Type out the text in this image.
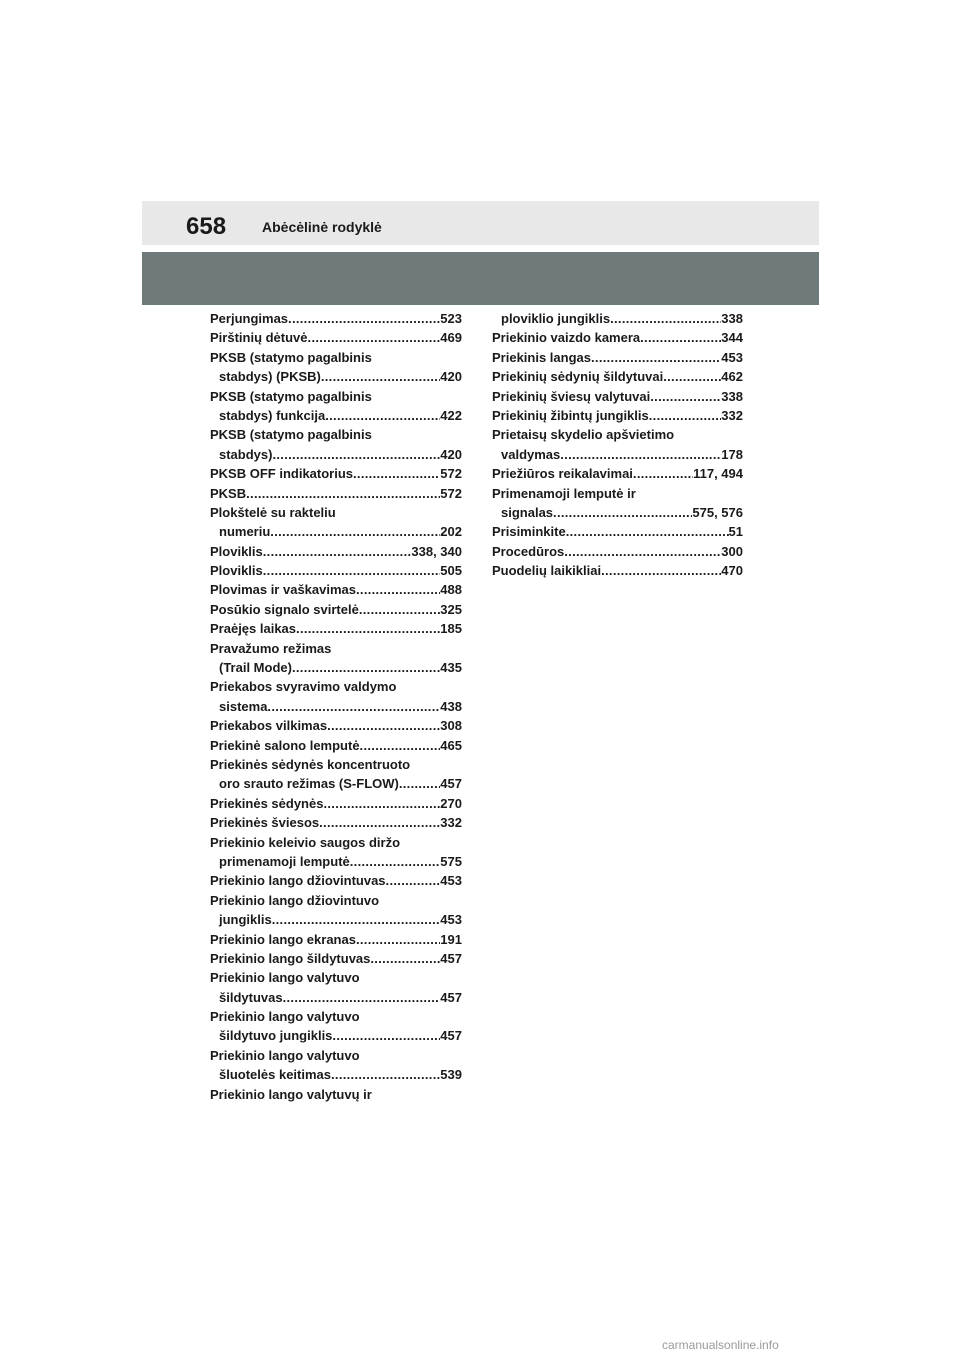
658	Abėcėlinė rodyklė
Perjungimas .....	523
Pirštinių dėtuvė .....	469
PKSB (statymo pagalbinis
stabdys) (PKSB) .....	420
PKSB (statymo pagalbinis
stabdys) funkcija .....	422
PKSB (statymo pagalbinis
stabdys) .....	420
PKSB OFF indikatorius .....	572
PKSB .....	572
Plokštelė su rakteliu
numeriu .....	202
Ploviklis .....	338, 340
Ploviklis .....	505
Plovimas ir vaškavimas .....	488
Posūkio signalo svirtelė .....	325
Praėjęs laikas .....	185
Pravažumo režimas
(Trail Mode) .....	435
Priekabos svyravimo valdymo
sistema .....	438
Priekabos vilkimas .....	308
Priekinė salono lemputė .....	465
Priekinės sėdynės koncentruoto
oro srauto režimas (S-FLOW) .....	457
Priekinės sėdynės .....	270
Priekinės šviesos .....	332
Priekinio keleivio saugos diržo
primenamoji lemputė .....	575
Priekinio lango džiovintuvas .....	453
Priekinio lango džiovintuvo
jungiklis .....	453
Priekinio lango ekranas .....	191
Priekinio lango šildytuvas .....	457
Priekinio lango valytuvo
šildytuvas .....	457
Priekinio lango valytuvo
šildytuvo jungiklis .....	457
Priekinio lango valytuvo
šluotelės keitimas .....	539
Priekinio lango valytuvų ir
ploviklio jungiklis .....	338
Priekinio vaizdo kamera .....	344
Priekinis langas .....	453
Priekinių sėdynių šildytuvai .....	462
Priekinių šviesų valytuvai .....	338
Priekinių žibintų jungiklis .....	332
Prietaisų skydelio apšvietimo
valdymas .....	178
Priežiūros reikalavimai .....	117, 494
Primenamoji lemputė ir
signalas .....	575, 576
Prisiminkite .....	51
Procedūros .....	300
Puodelių laikikliai .....	470
carmanualsonline.info
